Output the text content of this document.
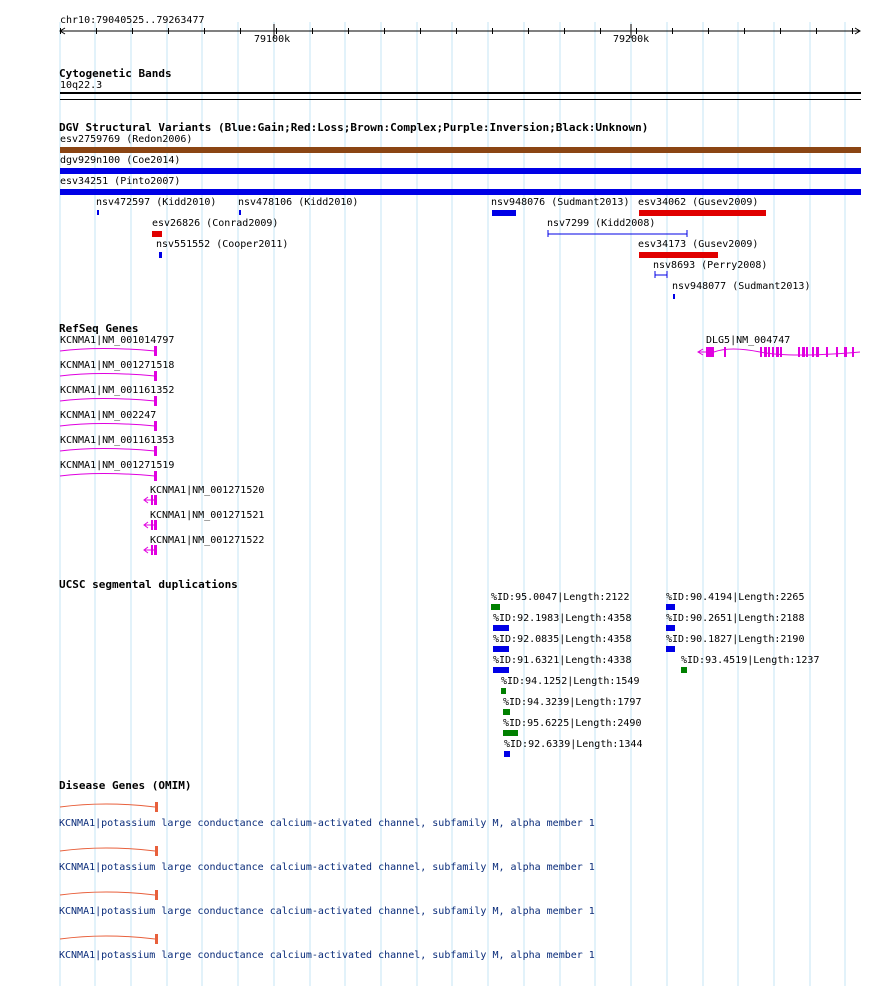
chr10:79040525..79263477
79100k	79200k
Cytogenetic Bands
10q22.3
DGV Structural Variants (Blue:Gain;Red:Loss;Brown:Complex;Purple:Inversion;Black:Unknown)
esv2759769 (Redon2006)
dgv929n100 (Coe2014)
esv34251 (Pinto2007)
nsv472597 (Kidd2010) nsv478106 (Kidd2010)	nsv948076 (Sudmant2013) esv34062 (Gusev2009)
esv26826 (Conrad2009)	nsv7299 (Kidd2008)
nsv551552 (Cooper2011)	esv34173 (Gusev2009)
nsv8693 (Perry2008)
nsv948077 (Sudmant2013)
RefSeq Genes
KCNMA1|NM_001014797
KCNMA1|NM_001271518
KCNMA1|NM_001161352
KCNMA1|NM_002247
KCNMA1|NM_001161353
KCNMA1|NM_001271519
KCNMA1|NM_001271520
KCNMA1|NM_001271521
KCNMA1|NM_001271522
DLG5|NM_004747
UCSC segmental duplications
%ID:95.0047|Length:2122
%ID:92.1983|Length:4358
%ID:92.0835|Length:4358
%ID:91.6321|Length:4338
%ID:94.1252|Length:1549
%ID:94.3239|Length:1797
%ID:95.6225|Length:2490
%ID:92.6339|Length:1344
%ID:90.4194|Length:2265
%ID:90.2651|Length:2188
%ID:90.1827|Length:2190
%ID:93.4519|Length:1237
Disease Genes (OMIM)
KCNMA1|potassium large conductance calcium-activated channel, subfamily M, alpha member 1
KCNMA1|potassium large conductance calcium-activated channel, subfamily M, alpha member 1
KCNMA1|potassium large conductance calcium-activated channel, subfamily M, alpha member 1
KCNMA1|potassium large conductance calcium-activated channel, subfamily M, alpha member 1
